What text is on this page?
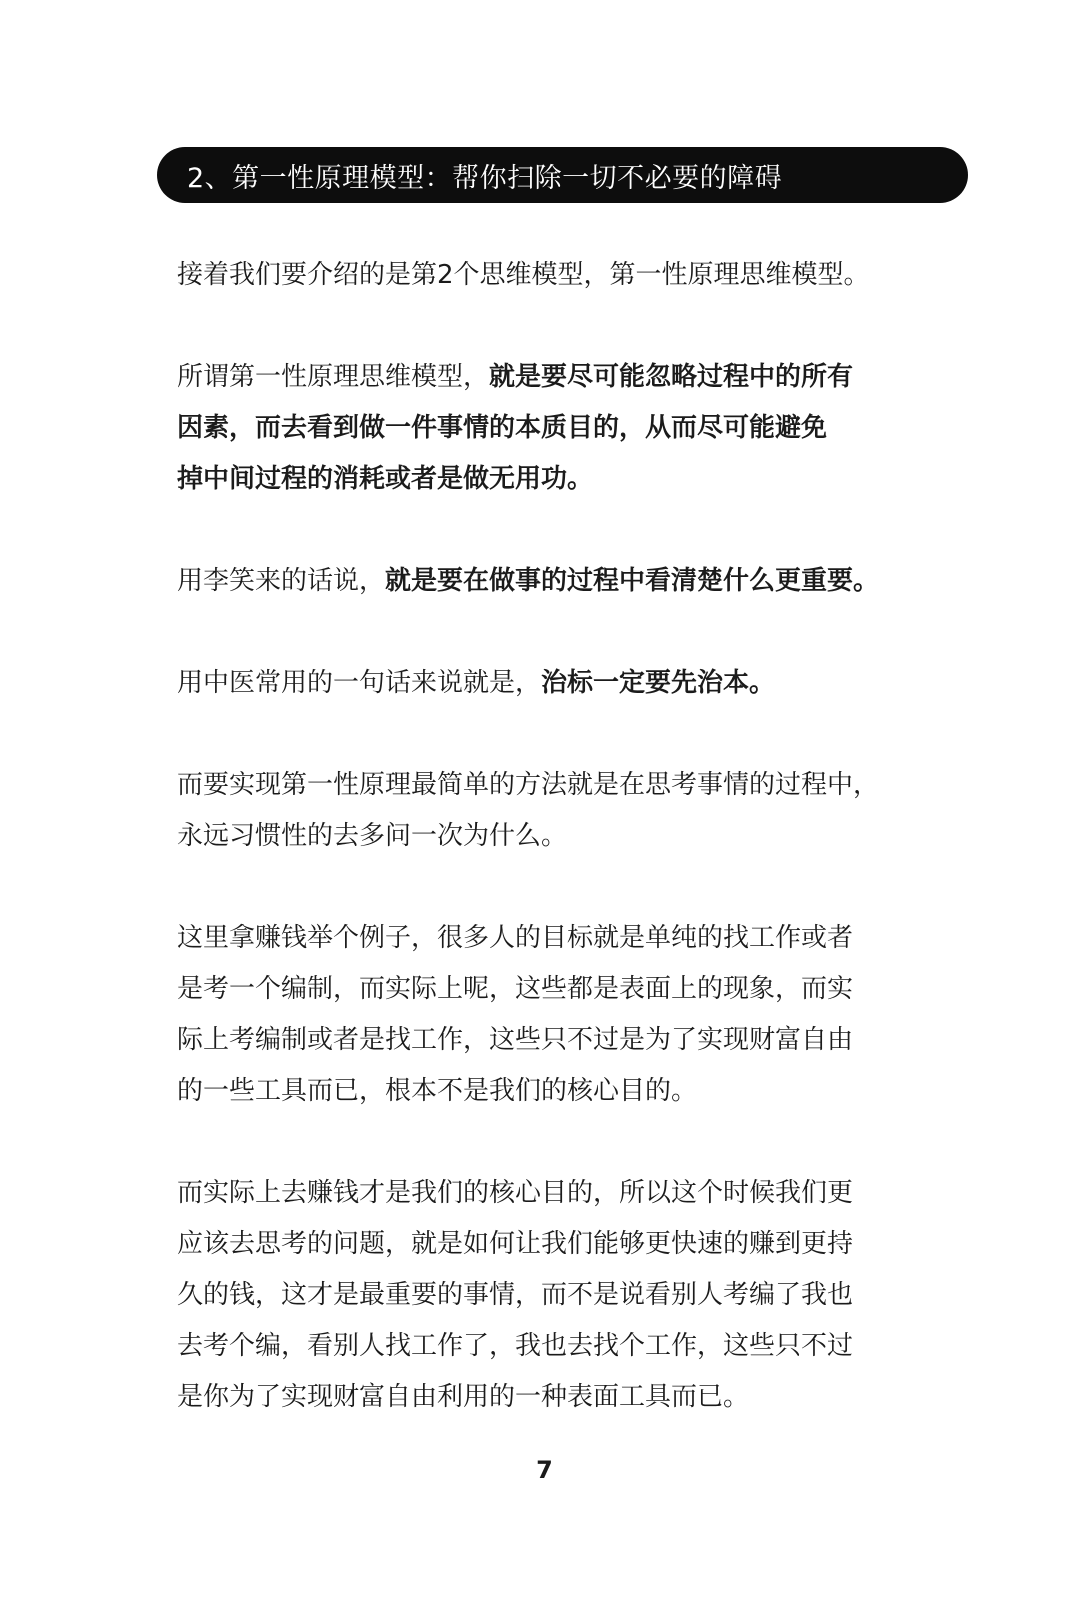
2、第一性原理模型：帮你扫除一切不必要的障碍

接着我们要介绍的是第2个思维模型，第一性原理思维模型。

所谓第一性原理思维模型，就是要尽可能忽略过程中的所有
因素，而去看到做一件事情的本质目的，从而尽可能避免
掉中间过程的消耗或者是做无用功。

用李笑来的话说，就是要在做事的过程中看清楚什么更重要。

用中医常用的一句话来说就是，治标一定要先治本。

而要实现第一性原理最简单的方法就是在思考事情的过程中，
永远习惯性的去多问一次为什么。

这里拿赚钱举个例子，很多人的目标就是单纯的找工作或者
是考一个编制，而实际上呢，这些都是表面上的现象，而实
际上考编制或者是找工作，这些只不过是为了实现财富自由
的一些工具而已，根本不是我们的核心目的。

而实际上去赚钱才是我们的核心目的，所以这个时候我们更
应该去思考的问题，就是如何让我们能够更快速的赚到更持
久的钱，这才是最重要的事情，而不是说看别人考编了我也
去考个编，看别人找工作了，我也去找个工作，这些只不过
是你为了实现财富自由利用的一种表面工具而已。

7
